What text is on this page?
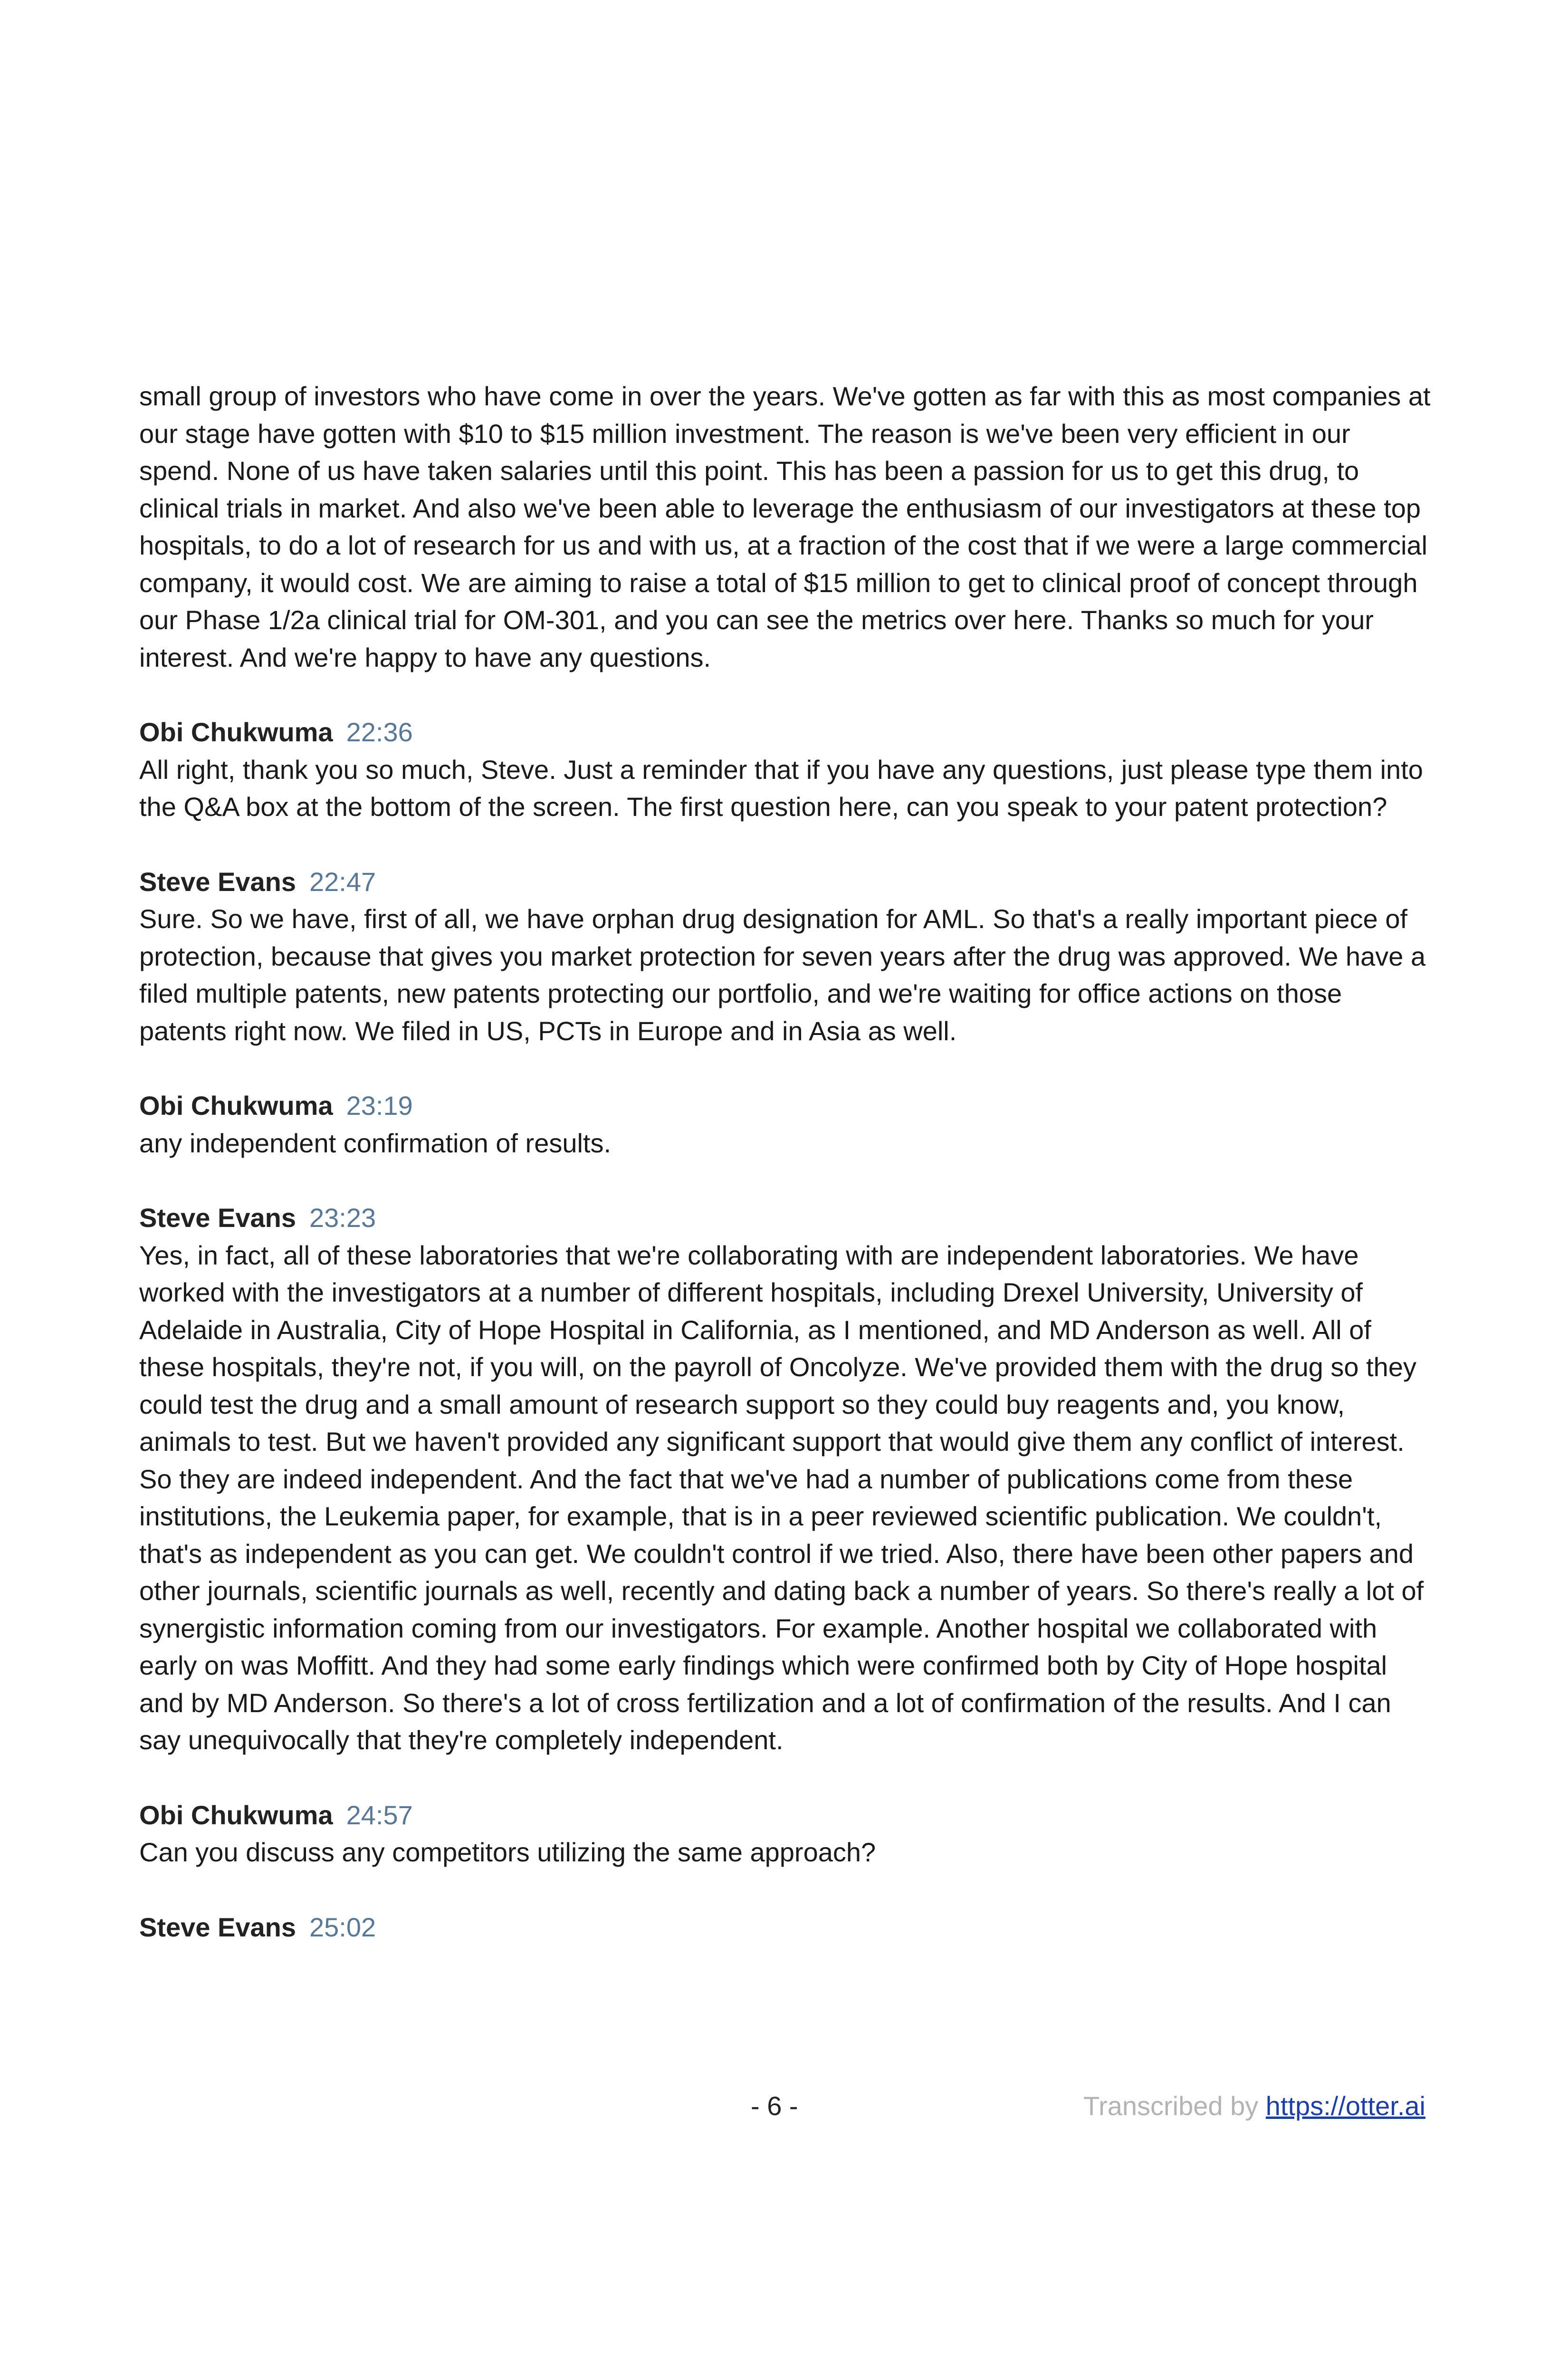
small group of investors who have come in over the years. We've gotten as far with this as most companies at our stage have gotten with $10 to $15 million investment. The reason is we've been very efficient in our spend. None of us have taken salaries until this point. This has been a passion for us to get this drug, to clinical trials in market. And also we've been able to leverage the enthusiasm of our investigators at these top hospitals, to do a lot of research for us and with us, at a fraction of the cost that if we were a large commercial company, it would cost. We are aiming to raise a total of $15 million to get to clinical proof of concept through our Phase 1/2a clinical trial for OM-301, and you can see the metrics over here. Thanks so much for your interest. And we're happy to have any questions.

Obi Chukwuma 22:36

All right, thank you so much, Steve. Just a reminder that if you have any questions, just please type them into the Q&A box at the bottom of the screen. The first question here, can you speak to your patent protection?

Steve Evans 22:47

Sure. So we have, first of all, we have orphan drug designation for AML. So that's a really important piece of protection, because that gives you market protection for seven years after the drug was approved. We have a filed multiple patents, new patents protecting our portfolio, and we're waiting for office actions on those patents right now. We filed in US, PCTs in Europe and in Asia as well.

Obi Chukwuma 23:19

any independent confirmation of results.

Steve Evans 23:23

Yes, in fact, all of these laboratories that we're collaborating with are independent laboratories. We have worked with the investigators at a number of different hospitals, including Drexel University, University of Adelaide in Australia, City of Hope Hospital in California, as I mentioned, and MD Anderson as well. All of these hospitals, they're not, if you will, on the payroll of Oncolyze. We've provided them with the drug so they could test the drug and a small amount of research support so they could buy reagents and, you know, animals to test. But we haven't provided any significant support that would give them any conflict of interest. So they are indeed independent. And the fact that we've had a number of publications come from these institutions, the Leukemia paper, for example, that is in a peer reviewed scientific publication. We couldn't, that's as independent as you can get. We couldn't control if we tried. Also, there have been other papers and other journals, scientific journals as well, recently and dating back a number of years. So there's really a lot of synergistic information coming from our investigators. For example. Another hospital we collaborated with early on was Moffitt. And they had some early findings which were confirmed both by City of Hope hospital and by MD Anderson. So there's a lot of cross fertilization and a lot of confirmation of the results. And I can say unequivocally that they're completely independent.

Obi Chukwuma 24:57

Can you discuss any competitors utilizing the same approach?

Steve Evans 25:02

- 6 -	Transcribed by https://otter.ai
